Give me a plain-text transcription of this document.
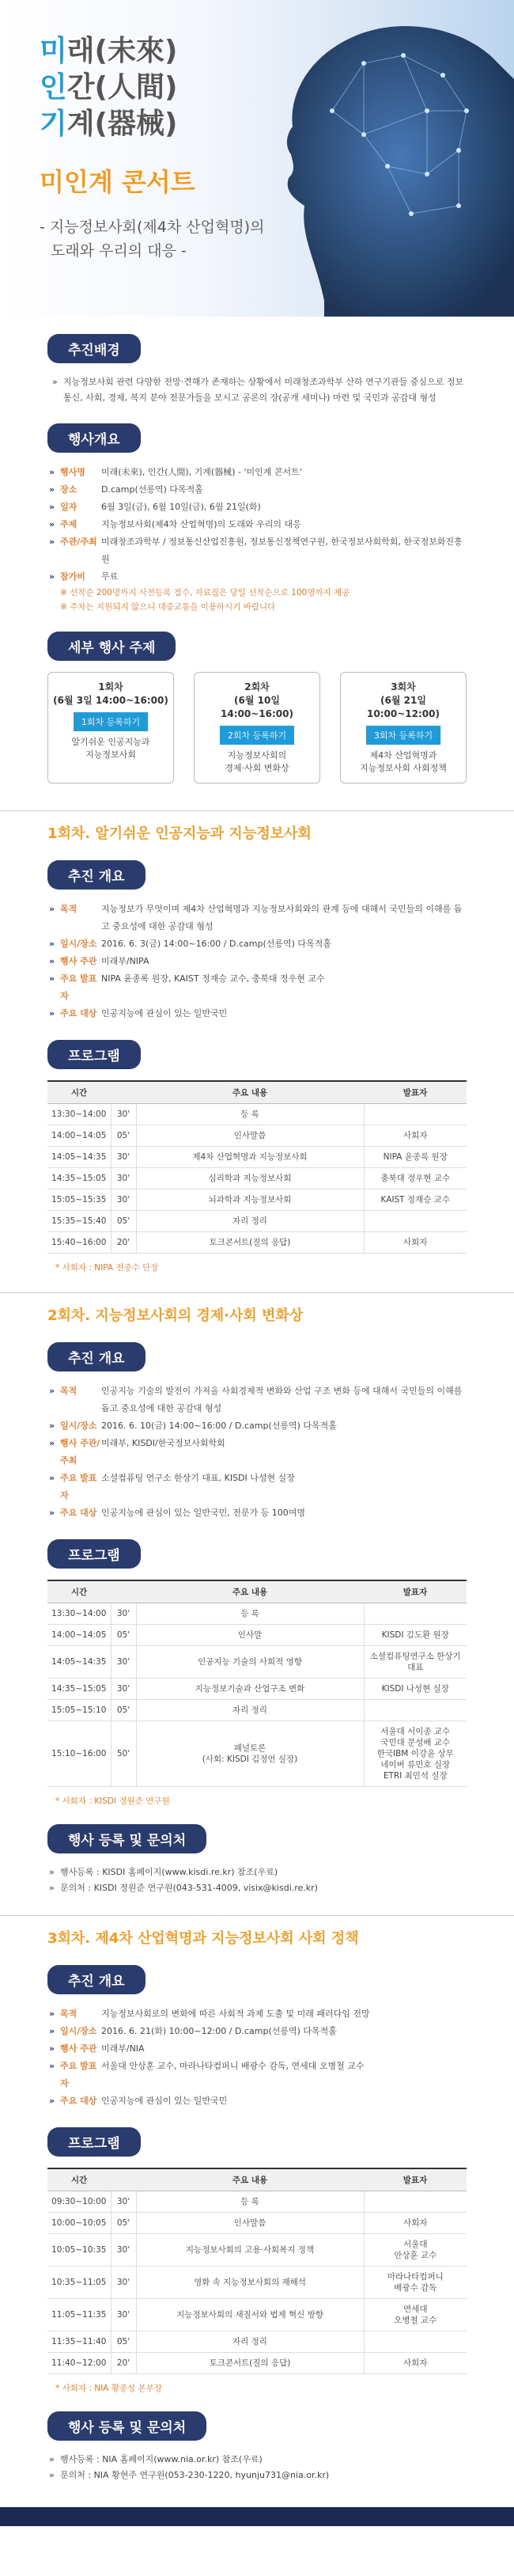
미래(未來)
인간(人間)
기계(器械)
미인계 콘서트
- 지능정보사회(제4차 산업혁명)의
도래와 우리의 대응 -
추진배경
» 지능정보사회 관련 다양한 전망·견해가 존재하는 상황에서 미래창조과학부 산하 연구기관들 중심으로 정보통신, 사회, 경제, 복지 분야 전문가들을 모시고 공론의 장(공개 세미나) 마련 및 국민과 공감대 형성
행사개요
» 행사명	미래(未來), 인간(人間), 기계(器械) - '미인계 콘서트'
» 장소	D.camp(선릉역) 다목적홀
» 일자	6월 3일(금), 6월 10일(금), 6월 21일(화)
» 주제	지능정보사회(제4차 산업혁명)의 도래와 우리의 대응
» 주관/주최 미래창조과학부 / 정보통신산업진흥원, 정보통신정책연구원, 한국정보사회학회, 한국정보화진흥원
» 참가비	무료
※ 선착순 200명까지 사전등록 접수, 자료집은 당일 선착순으로 100명까지 제공
※ 주차는 지원되지 않으니 대중교통을 이용하시기 바랍니다
세부 행사 주제
1회차
(6월 3일 14:00~16:00)
1회차 등록하기
알기쉬운 인공지능과
지능정보사회
2회차
(6월 10일 14:00~16:00)
2회차 등록하기
지능정보사회의
경제·사회 변화상
3회차
(6월 21일 10:00~12:00)
3회차 등록하기
제4차 산업혁명과
지능정보사회 사회정책
1회차. 알기쉬운 인공지능과 지능정보사회
추진 개요
» 목적	지능정보가 무엇이며 제4차 산업혁명과 지능정보사회와의 관계 등에 대해서 국민들의 이해를 돕고 중요성에 대한 공감대 형성
» 일시/장소 2016. 6. 3(금) 14:00~16:00 / D.camp(선릉역) 다목적홀
» 행사 주관 미래부/NIPA
» 주요 발표자
NIPA 윤종록 원장, KAIST 정재승 교수, 충북대 정우현 교수
» 주요 대상 인공지능에 관심이 있는 일반국민
프로그램
시간		주요 내용	발표자
13:30~14:00	30'	등 록	
14:00~14:05	05'	인사말씀	사회자
14:05~14:35	30'	제4차 산업혁명과 지능정보사회	NIPA 윤종록 원장
14:35~15:05	30'	심리학과 지능정보사회	충북대 정우현 교수
15:05~15:35	30'	뇌과학과 지능정보사회	KAIST 정재승 교수
15:35~15:40	05'	자리 정리	
15:40~16:00	20'	토크콘서트(질의 응답)	사회자
* 사회자 : NIPA 전종수 단장
2회차. 지능정보사회의 경제·사회 변화상
추진 개요
» 목적	인공지능 기술의 발전이 가져올 사회경제적 변화와 산업 구조 변화 등에 대해서 국민들의 이해를 돕고 중요성에 대한 공감대 형성
» 일시/장소 2016. 6. 10(금) 14:00~16:00 / D.camp(선릉역) 다목적홀
» 행사 주관/주최
미래부, KISDI/한국정보사회학회
» 주요 발표자
소셜컴퓨팅 연구소 한상기 대표, KISDI 나성현 실장
» 주요 대상 인공지능에 관심이 있는 일반국민, 전문가 등 100여명
프로그램
시간		주요 내용	발표자
13:30~14:00	30'	등 록	
14:00~14:05	05'	인사말	KISDI 김도환 원장
14:05~14:35	30'	인공지능 기술의 사회적 영향	소셜컴퓨팅연구소 한상기 대표
14:35~15:05	30'	지능정보기술과 산업구조 변화	KISDI 나성현 실장
15:05~15:10	05'	자리 정리	
15:10~16:00	50'	패널토론
(사회: KISDI 김정언 실장)	서울대 서이종 교수
국민대 문성배 교수
한국IBM 이강윤 상무
네이버 류민호 실장
ETRI 최민석 실장
* 사회자 : KISDI 정원준 연구원
행사 등록 및 문의처
» 행사등록 : KISDI 홈페이지(www.kisdi.re.kr) 참조(우료)
» 문의처 : KISDI 정원준 연구원(043-531-4009, visix@kisdi.re.kr)
3회차. 제4차 산업혁명과 지능정보사회 사회 정책
추진 개요
» 목적	지능정보사회로의 변화에 따른 사회적 과제 도출 및 미래 패러다임 전망
» 일시/장소 2016. 6. 21(화) 10:00~12:00 / D.camp(선릉역) 다목적홀
» 행사 주관 미래부/NIA
» 주요 발표자
서울대 안상훈 교수, 마라나타컴퍼니 배광수 감독, 연세대 오병철 교수
» 주요 대상 인공지능에 관심이 있는 일반국민
프로그램
시간		주요 내용	발표자
09:30~10:00	30'	등 록	
10:00~10:05	05'	인사말씀	사회자
10:05~10:35	30'	지능정보사회의 고용·사회복지 정책	서울대
안상훈 교수
10:35~11:05	30'	영화 속 지능정보사회의 재해석	마라나타컴퍼니
배광수 감독
11:05~11:35	30'	지능정보사회의 새질서와 법제 혁신 방향	연세대
오병철 교수
11:35~11:40	05'	자리 정리	
11:40~12:00	20'	토크콘서트(질의 응답)	사회자
* 사회자 : NIA 황종성 본부장
행사 등록 및 문의처
» 행사등록 : NIA 홈페이지(www.nia.or.kr) 참조(우료)
» 문의처 : NIA 황현주 연구원(053-230-1220, hyunju731@nia.or.kr)
